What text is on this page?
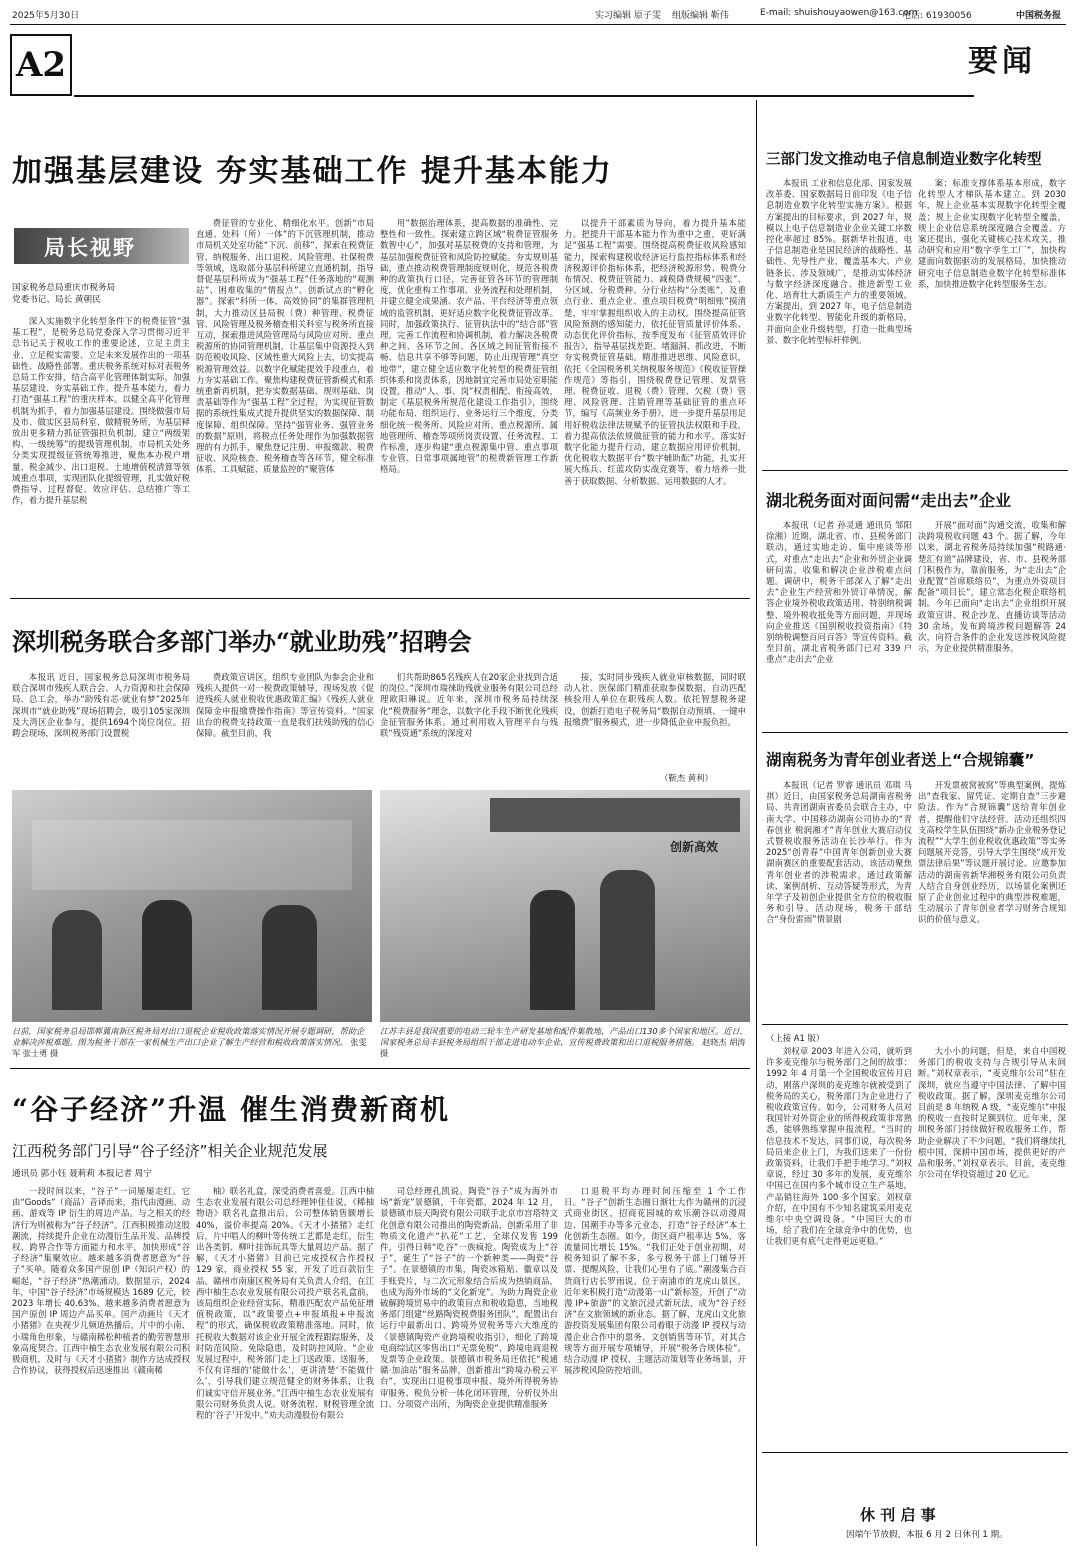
2025年5月30日	实习编辑 原子雯 组版编辑 靳伟	E-mail: shuishouyaowen@163.com
电话: 61930056	中国税务报
A2	要闻
加强基层建设 夯实基础工作 提升基本能力
局长视野
国家税务总局重庆市税务局
党委书记、局长 黄朝民

深入实施数字化转型条件下的税费征管“强基工程”，是税务总局党委深入学习贯彻习近平总书记关于税收工作的重要论述，立足主责主业、立足税实需要、立足未来发展作出的一项基础性、战略性部署。重庆税务系统对标对表税务总局工作安排，结合高平化管理体制实际，加强基层建设、夯实基础工作、提升基本能力，着力打造“强基工程”的重庆样本。以健全高平化管理机制为抓手，着力加强基层建设。围绕做强市局及市、做实区县局科室、做精税务所，为基层释放出更多精力抓征管强担负机制。建立“两级架构、一级统筹”的提级管理机制，市局机关处务分类实现提级征管统筹推进，聚焦本办税户增量、税金减少、出口退税、土地增值税清算等领域重点事项，实现团队化提级管理，扎实做好税费指导、过程督促、效应评估、总结推广等工作，着力提升基层税

费征管的专业化、精细化水平。创新“市局直通、处科（所）一体”的下沉管理机制，推动市局机关处室功能“下沉、前移”，探索在税费征管、纳税服务、出口退税、风险管理、社保税费等领域，选取部分基层科所建立直通机制，指导督促基层科所成为“强基工程”任务落地的“观测站”、困难收集的“情报点”、创新试点的“孵化器”。探索“科所一体、高效协同”的集群管理机制，大力推动区县局税（费）种管理、税费征管、风险管理及税务稽查相关科室与税务所直接互动，探索推进风险管理局与风险应对所、重点税源所的协同管理机制，让基层集中资源投入到防范税收风险、区域性重大风险上去，切实提高税源管理效益。以数字化赋能提效手段重点，着力夯实基础工作。聚焦构建税费征管新模式和系统重新再机制，把夯实数据基础、规则基础、岗责基础等作为“强基工程”全过程，为实现征管数据的系统性集成式提升提供坚实的数据保障、制度保障、组织保障。坚持“强管业务、强管业务的数据”原则，将税点任务处理作为加强数据管理的有力抓手，聚焦登记注册、申报缴款、税费征收、风险核查、税务稽查等各环节，健全标准体系、工具赋能、质量监控的“聚管体

用”数据治理体系，提高数据的准确性、完整性和一致性。探索建立跨区域“税费征管服务数智中心”，加强对基层税费的支持和管理，为基层加强税费征管和风险防控赋能。夯实规则基础，重点推动税费管理制度规则化，规范各税费种的政策执行口径，完善征管各环节的管理制度，优化重构工作事项、业务流程和处理机制，并建立健全成果涵、农产品、平台经济等重点领域的监管机制，更好适应数字化税费征管改革。同时，加强政策执行、征管执法中的“结合部”管理，完善工作流程和协调机制，着力解决各税费种之间、各环节之间、各区域之间征管衔接不畅、信息共享不够等问题，防止出现管理“真空地带”，建立健全适应数字化转型的税费征管组织体系和岗责体系，因地制宜完善市局处室职能设置，推动“人、事、岗”权责相配、衔接高效，制定《基层税务所规范化建设工作指引》，围绕功能布局、组织运行、业务运行三个维度，分类细化统一税务所、风险应对所、重点税源所、属地管理所、稽查等项所岗责设置、任务流程、工作标准，逐步构建“重点税源集中管、重点事项专业管、日常事项属地管”的税费新管理工作新格局。

以提升干部素质为导向，着力提升基本能力。把提升干部基本能力作为重中之重，更好满足“强基工程”需要。围绕提高税费征收风险感知能力，探索构建税收经济运行监控指标体系和经济税源评价指标体系，把经济税源形势、税费分布情况、税费征管能力、减税降费规模“四张”、分区域、分税费种、分行业结构“分类账”，及重点行业、重点企业、重点项目税费“明细账”摸清楚，牢牢掌握组织收入的主动权。围绕提高征管风险预测的感知能力，依托征管质量评价体系、动态优化评价指标，按季度发布《征管质效评价报告》，指导基层找差距、堵漏洞、抓改进，不断夯实税费征管基础。精准推进思维、风险意识，依托《全国税务机关纳税服务规范》《税收征管操作规范》等指引，围绕税费登记管理、发票管理、税费征收、退税（费）管理、欠税（费）管理、风险管理、注销管理等基础征管的重点环节，编写《高频业务手册》，进一步提升基层用足用好税收法律法规赋予的征管执法权限和手段，着力提高依法依规做征管的能力和水平。落实好数字化能力提升行动，建立数据应用评价机制，优化税收大数据平台“数字辅助酝”功能，扎实开展大练兵、红蓝攻防实战竞赛等，着力培养一批善于获取数据、分析数据、运用数据的人才。

深圳税务联合多部门举办“就业助残”招聘会

本报讯 近日，国家税务总局深圳市税务局联合深圳市残疾人联合会、人力资源和社会保障局、总工会，举办“助残有芯·就业有梦”2025年深圳市“就业助残”现场招聘会，吸引105家深圳及大湾区企业参与，提供1694个岗位岗位。招聘会现场，深圳税务部门设置税

费政策宣讲区，组织专业团队为参会企业和残疾人提供一对一税费政策辅导，现场发放《促进残疾人就业税收优惠政策汇编》《残疾人就业保障金申报缴费操作指南》等宣传资料。“国家出台的税费支持政策一直是我们扶残助残的信心保障。截至目前，我

们共帮助865名残疾人在20家企业找到合适的岗位。”深圳市瑞徕助残就业服务有限公司总经理欧阳琳说。近年来，深圳市税务局持续深化“税费服务”理念，以数字化手段不断优化残疾金征管服务体系。通过利用收入管理平台与残联“残资通”系统的深度对

接，实时同步残疾人就业审核数据，同时联动人社、医保部门精准获取参保数据，自动匹配核验用人单位在职残疾人数。依托智慧税务建设，创新打造电子税务局“数据自动预填、一键申报缴费”服务模式，进一步降低企业申报负担。

（靳杰 黄利）
创新高效
日前，国家税务总局邯郸冀南新区税务局对出口退税企业税收政策落实情况开展专题调研，帮助企业解决涉税难题。图为税务干部在一家机械生产出口企业了解生产经营和税收政策落实情况。 张雯军 张士勇 摄
江苏丰县是我国重要的电动三轮车生产研发基地和配件集散地，产品出口130多个国家和地区。近日，国家税务总局丰县税务局组织干部走进电动车企业，宣传税费政策和出口退税服务措施。 赵晓杰 胡涛 摄
“谷子经济”升温 催生消费新商机
江西税务部门引导“谷子经济”相关企业规范发展
通讯员 郭小钰 聂莉莉 本报记者 周宁

一段时间以来，“谷子”一词屡屡走红。它由“Goods”（商品）音译而来，指代由漫画、动画、游戏等 IP 衍生的周边产品。与之相关的经济行为则被称为“谷子经济”。江西积极推动这股潮流，持续提升企业在动漫衍生品开发、品牌授权、跨界合作等方面能力和水平，加快形成“谷子经济”集聚效应。越来越多消费者愿意为“谷子”买单。随着众多国产原创 IP（知识产权）的崛起，“谷子经济”热潮涌动。数据显示，2024 年，中国“谷子经济”市场规模达 1689 亿元，较 2023 年增长 40.63%。越来越多消费者愿意为国产原创 IP 周边产品买单。国产动画片《天才小猪猪》在央视少儿频道热播后，片中的小南、小瑞角色形象，与赣南稀松种植者的勤劳智慧形象高度契合。江西中柚生态农业发展有限公司积极商机，及时与《天才小猪猪》制作方达成授权合作协议，获得授权后迅速推出《赣南稀

柚》联名礼盒，深受消费者喜爱。江西中柚生态农业发展有限公司总经理钟佳佳说，《稀柚物语》联名礼盒推出后，公司整体销售额增长 40%，溢价率提高 20%。《天才小猪猪》走红后，片中唱人的柳叶等传统工艺都是走红，衍生出各类钥、柳叶挂饰玩具等大量周边产品。据了解，《天才小猪猪》目前已完成授权合作授权 129 家，商业授权 55 家，开发了近百款衍生品。赣州市南康区税务局有关负责人介绍，在江西中柚生态农业发展有限公司投产联名礼盒前，该局组织企业经营实际，精准匹配农产品免征增值税政策，以“政策要点+申报填报+申报流程”的形式，确保税收政策精准落地。同时，依托税收大数据对该企业开展全流程跟踪服务，及时防范风险、免除隐患，及时防控风险。“企业发展过程中，税务部门走上门送政策、送服务，不仅有详细的‘能做什么’，更讲清楚‘不能做什么’，引导我们建立规范健全的财务体系，让我们诚实守信开展业务。”江西中柚生态农业发展有限公司财务负责人说。财务流程、财税管理全流程的‘谷子’开发中。”劝夫动漫股份有限公

司总经理孔凯说。陶瓷“谷子”成为海外市场“新宠”景德镇，千年瓷都。2024 年 12 月，景德镇市辰天陶瓷有限公司联手北京市宫塔特文化创意有限公司推出的陶瓷新品，创新采用了非物质文化遗产“扒花”工艺，全球仅发售 199 件，引得日韩“吃谷”一族疯抢。陶瓷成为上“谷子”，诞生了“谷子”的一个新种类——陶瓷“谷子”。在景德镇的市集，陶瓷冰箱贴、徽章以及手账瓷片，与二次元形象结合后成为热销商品，也成为海外市场的“文化新宠”。为助力陶瓷企业破解跨境贸易中的政策盲点和税收隐患，当地税务部门组建“丝路陶瓷税费服务团队”，配置出台运行中最新出口、跨境外贸税务等六大维度的《景德镇陶瓷产业跨境税收指引》，细化了跨境电商综试区零售出口“无票免税”、跨境电商退税发票等企业政策。景德镇市税务局还依托“税通赣·加油站”服务品牌，创新推出“跨境办税云平台”，实现出口退税事项申报、境外所得税务协审服务、税负分析一体化闭环管理，分析仪外出口、分项资产出所，为陶瓷企业提供精准服务

口退税平均办理时间压缩至 1 个工作日。“谷子”创新生态圈日渐壮大作为赣州的沉浸式商业街区，招商花园城的欢乐潮谷以动漫周边、国潮手办等多元业态，打造“谷子经济”本土化创新生态圈。如今，街区商户租率达 5%，客流量同比增长 15%。“我们正处于创业初期，对税务知识了解不多，多亏税务干部上门辅导开票、提醒风险，让我们心里有了底。”潮漫集合百货商行店长罗雨说。位于南浦市的龙虎山景区，近年来积极打造“动漫第一山”新标签，开创了“动漫 IP+旅游”的文旅沉浸式新玩法，成为“谷子经济”在文旅领域的新业态。据了解，龙虎山文化旅游投资发展集团有限公司着眼于动漫 IP 授权与动漫企业合作中的票务、文创销售等环节，对其合规等方面开展专项辅导，开展“税务合规体检”。结合动漫 IP 授权、主题活动策划等业务场景，开展涉税风险防控培训。

三部门发文推动电子信息制造业数字化转型

本报讯 工业和信息化部、国家发展改革委、国家数据局日前印发《电子信息制造业数字化转型实施方案》。根据方案提出的目标要求，到 2027 年，规模以上电子信息制造业企业关键工序数控化率超过 85%。据新华社报道，电子信息制造业是国民经济的战略性、基础性、先导性产业，覆盖基本大、产业链条长、涉及领域广，是推动实体经济与数字经济深度融合、推进新型工业化、培育壮大新质生产力的重要领域。方案提出，到 2027 年，电子信息制造业数字化转型、智能化升级的新格局，并面向企业升级转型，打造一批典型场景、数字化转型标杆样例。

案；标准支撑体系基本形成，数字化转型人才梯队基本建立。到 2030 年，规上企业基本实现数字化转型全覆盖；规上企业实现数字化转型全覆盖，规上企业信息系统深度融合全覆盖。方案还提出，强化关键核心技术攻关，推动研究和应用“数字孪生工厂”，加快构建面向数据驱动的发展格局，加快推动研究电子信息制造业数字化转型标准体系，加快推进数字化转型服务生态。

湖北税务面对面问需“走出去”企业

本报讯（记者 孙灵通 通讯员 邹阳 徐湘）近期，湖北省、市、县税务部门联动，通过实地走访、集中座谈等形式，对重点“走出去”企业和外贸企业调研问需，收集和解决企业涉税难点问题。调研中，税务干部深入了解“走出去”企业生产经营和外贸订单情况，解答企业境外税收政策适用、特别纳税调整、境外税收抵免等方面问题，并现场向企业推送《国别税收投资指南》《特别纳税调整百问百答》等宣传资料。截至目前，湖北省税务部门已对 339 户重点“走出去”企业

开展“面对面”沟通交流，收集和解决跨境税收问题 43 个。据了解，今年以来，湖北省税务局持续加强“税路通·楚汇有道”品牌建设，省、市、县税务部门积极作为，靠前服务，为“走出去”企业配置“首席联络员”，为重点外资项目配备“项目长”，建立常态化税企联络机制。今年已面向“走出去”企业组织开展政策宣讲、税企沙龙、直播访谈等活动 30 余场，发布跨境涉税问题解答 24 次，向符合条件的企业发送涉税风险提示，为企业提供精准服务。

湖南税务为青年创业者送上“合规锦囊”

本报讯（记者 罗睿 通讯员 邓琪 马祺）近日，由国家税务总局湖南省税务局、共青团湖南省委员会联合主办，中南大学、中国移动湖南公司协办的“青春创业 税润湘才”青年创业大赛启动仪式暨税收服务活动在长沙举行。作为 2025“创青春”中国青年创新创业大赛湖南赛区的重要配套活动，该活动聚焦青年创业者的涉税需求，通过政策解读、案例剖析、互动答疑等形式，为青年学子及初创企业提供全方位的税收服务和引导。活动现场，税务干部结合“身份雷雨”情景剧

开发票被窝被窝”等典型案例，提炼出“查我家、留凭证、定期自查”三步避险法。作为“合规锦囊”送给青年创业者，提醒他们守法经营。活动还组织四支高校学生队伍围绕“新办企业税务登记流程”“大学生创业税收优惠政策”等实务问题展开竞答，引导大学生围绕“成开发票法律后果”等议题开展讨论。应邀参加活动的湖南省新华湘税务有限公司负责人结合自身创业经历，以场景化案例还原了企业创业过程中的典型涉税难题，生动展示了青年创业者学习财务合规知识的价值与意义。

（上接 A1 版）

刘权章 2003 年进入公司，就听到许多麦克维尔与税务部门之间的故事：1992 年 4 月第一个全国税收宣传月启动，刚落户深圳的麦克维尔就被受到了税务局的关心，税务部门为企业进行了税收政策宣传。如今，公司财务人员对我国针对外资企业的所得税政策非常熟悉，能够熟练掌握申报流程。“当时的信息技术不发达，同事们说，每次税务局员来企业上门，为我们送来了一份份政策资料，让我们手把手地学习。”刘权章说，经过 30 多年的发展，麦克维尔中国已在国内多个城市设立生产基地，产品销往海外 100 多个国家。刘权章介绍，在中国有不少知名建筑采用麦克维尔中央空调设备。“中国巨大的市场，给了我们在全球竞争中的优势，也让我们更有底气走得更远更稳。”

大小小的问题，但是，来自中国税务部门的税收支持与合规引导从未间断。”刘权章表示，“麦克维尔公司”驻在深圳，就应当遵守中国法律、了解中国税收政策。据了解，深圳麦克维尔公司目前是 8 年纳税 A 级，“麦克维尔”申报的税收一直按时足额到位。近年来，深圳税务部门持续做好税收服务工作，帮助企业解决了不少问题。“我们将继续扎根中国，深耕中国市场，提供更好的产品和服务。”刘权章表示。目前，麦克维尔公司在华投资超过 20 亿元。

休 刊 启 事
因端午节放假，本报 6 月 2 日休刊 1 期。
